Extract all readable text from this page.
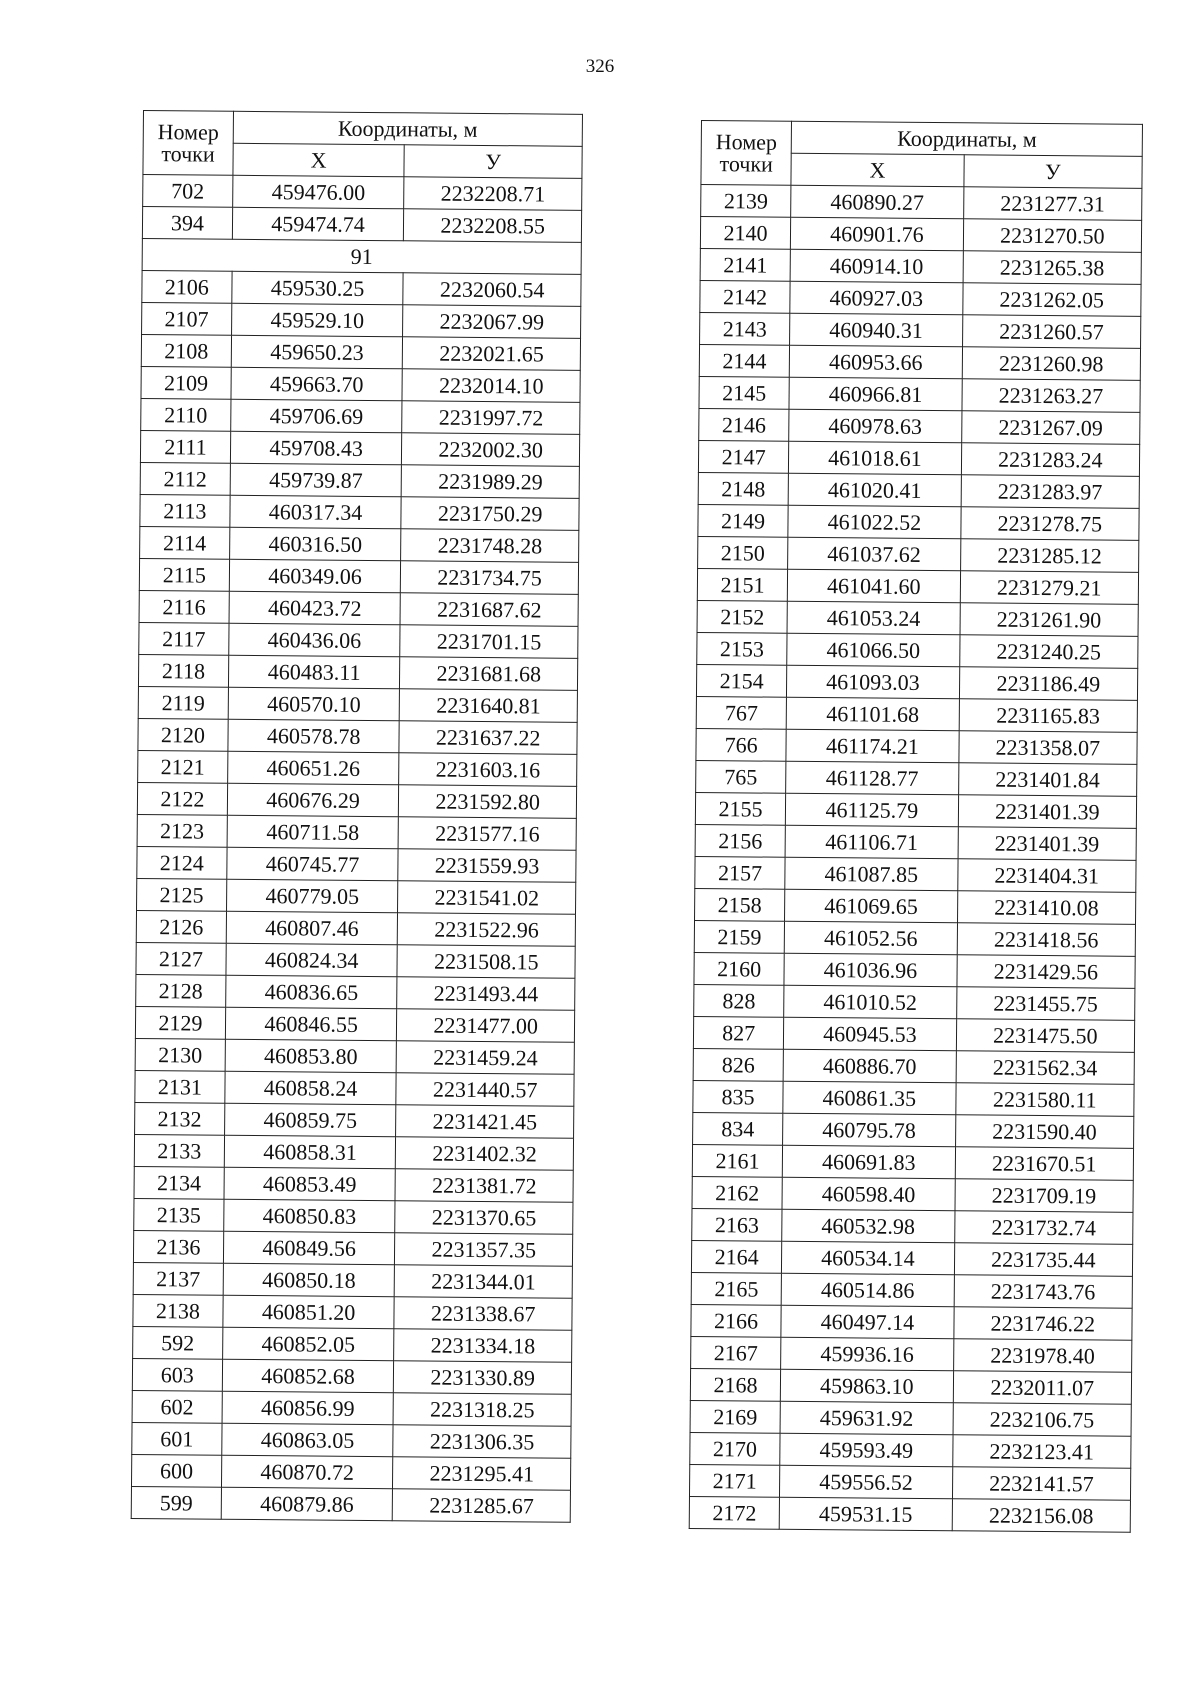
326
Номер
точки	Координаты, м	
	X	У
702	459476.00	2232208.71
394	459474.74	2232208.55
91		
2106	459530.25	2232060.54
2107	459529.10	2232067.99
2108	459650.23	2232021.65
2109	459663.70	2232014.10
2110	459706.69	2231997.72
2111	459708.43	2232002.30
2112	459739.87	2231989.29
2113	460317.34	2231750.29
2114	460316.50	2231748.28
2115	460349.06	2231734.75
2116	460423.72	2231687.62
2117	460436.06	2231701.15
2118	460483.11	2231681.68
2119	460570.10	2231640.81
2120	460578.78	2231637.22
2121	460651.26	2231603.16
2122	460676.29	2231592.80
2123	460711.58	2231577.16
2124	460745.77	2231559.93
2125	460779.05	2231541.02
2126	460807.46	2231522.96
2127	460824.34	2231508.15
2128	460836.65	2231493.44
2129	460846.55	2231477.00
2130	460853.80	2231459.24
2131	460858.24	2231440.57
2132	460859.75	2231421.45
2133	460858.31	2231402.32
2134	460853.49	2231381.72
2135	460850.83	2231370.65
2136	460849.56	2231357.35
2137	460850.18	2231344.01
2138	460851.20	2231338.67
592	460852.05	2231334.18
603	460852.68	2231330.89
602	460856.99	2231318.25
601	460863.05	2231306.35
600	460870.72	2231295.41
599	460879.86	2231285.67
Номер
точки	Координаты, м	
	X	У
2139	460890.27	2231277.31
2140	460901.76	2231270.50
2141	460914.10	2231265.38
2142	460927.03	2231262.05
2143	460940.31	2231260.57
2144	460953.66	2231260.98
2145	460966.81	2231263.27
2146	460978.63	2231267.09
2147	461018.61	2231283.24
2148	461020.41	2231283.97
2149	461022.52	2231278.75
2150	461037.62	2231285.12
2151	461041.60	2231279.21
2152	461053.24	2231261.90
2153	461066.50	2231240.25
2154	461093.03	2231186.49
767	461101.68	2231165.83
766	461174.21	2231358.07
765	461128.77	2231401.84
2155	461125.79	2231401.39
2156	461106.71	2231401.39
2157	461087.85	2231404.31
2158	461069.65	2231410.08
2159	461052.56	2231418.56
2160	461036.96	2231429.56
828	461010.52	2231455.75
827	460945.53	2231475.50
826	460886.70	2231562.34
835	460861.35	2231580.11
834	460795.78	2231590.40
2161	460691.83	2231670.51
2162	460598.40	2231709.19
2163	460532.98	2231732.74
2164	460534.14	2231735.44
2165	460514.86	2231743.76
2166	460497.14	2231746.22
2167	459936.16	2231978.40
2168	459863.10	2232011.07
2169	459631.92	2232106.75
2170	459593.49	2232123.41
2171	459556.52	2232141.57
2172	459531.15	2232156.08
